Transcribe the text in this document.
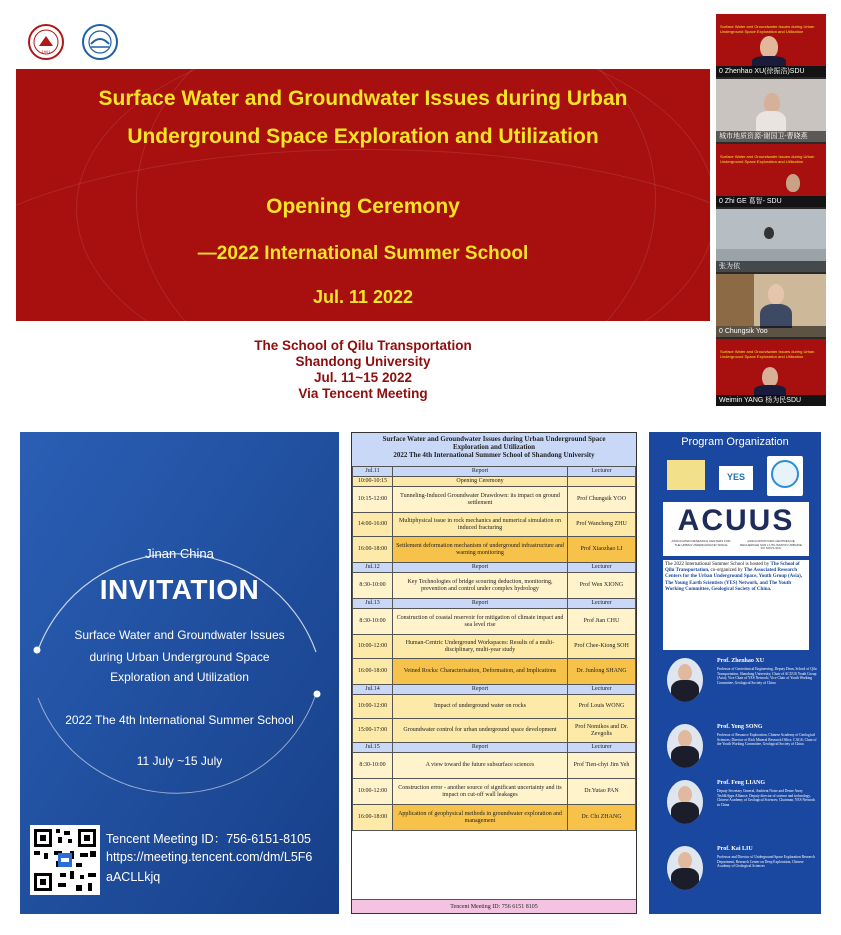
1901
Surface Water and Groundwater Issues during Urban
Underground Space Exploration and Utilization
Opening Ceremony
—2022 International Summer School
Jul. 11 2022
The School of Qilu Transportation
Shandong University
Jul. 11~15 2022
Via Tencent Meeting
Surface Water and Groundwater Issues during Urban Underground Space Exploration and Utilization
0 Zhenhao XU(徐振浩)SDU
城市地质资源-谢国卫-曹晓燕
Surface Water and Groundwater Issues during Urban Underground Space Exploration and Utilization
0 Zhi GE 葛智- SDU
张为依
0 Chungsik Yoo
Surface Water and Groundwater Issues during Urban Underground Space Exploration and Utilization
Weimin YANG 杨为民SDU
Jinan China
INVITATION
Surface Water and Groundwater Issues
during Urban Underground Space
Exploration and Utilization
2022 The 4th International Summer School
11 July ~15 July
Tencent Meeting ID：756-6151-8105
https://meeting.tencent.com/dm/L5F6
aACLLkjq
Surface Water and Groundwater Issues during Urban Underground Space
Exploration and Utilization
2022 The 4th International Summer School of Shandong University
Jul.11	Report	Lecturer
10:00-10:15	Opening Ceremony	
10:15-12:00	Tunneling-Induced Groundwater Drawdown: its impact on ground settlement	Prof Chungsik YOO
14:00-16:00	Multiphysical issue in rock mechanics and numerical simulation on induced fracturing	Prof Wancheng ZHU
16:00-18:00	Settlement deformation mechanism of underground infrastructure and warning monitoring	Prof Xiaozhao LI
Jul.12	Report	Lecturer
8:30-10:00	Key Technologies of bridge scouring deduction, monitoring, prevention and control under complex hydrology	Prof Wen XIONG
Jul.13	Report	Lecturer
8:30-10:00	Construction of coastal reservoir for mitigation of climate impact and sea level rise	Prof Jian CHU
10:00-12:00	Human-Centric Underground Workspaces: Results of a multi-disciplinary, multi-year study	Prof Chee-Kiong SOH
16:00-18:00	Veined Rocks: Characterisation, Deformation, and Implications	Dr. Junlong SHANG
Jul.14	Report	Lecturer
10:00-12:00	Impact of underground water on rocks	Prof Louis WONG
15:00-17:00	Groundwater control for urban underground space development	Prof Nomikos and Dr. Zevgolis
Jul.15	Report	Lecturer
8:30-10:00	A view toward the future subsurface sciences	Prof Tien-chyi Jim Yeh
10:00-12:00	Construction error - another source of significant uncertainty and its impact on cut-off wall leakages	Dr.Yutao PAN
16:00-18:00	Application of geophysical methods in groundwater exploration and management	Dr. Chi ZHANG
Tencent Meeting ID: 756 6151 8105
Program Organization
YES
ACUUS
ASSOCIATED RESEARCH CENTERS FOR THE URBAN UNDERGROUND SPACE
ASSOCIATION DES CENTRES DE RECHERCHE SUR L'UTILISATION URBAINE DU SOUS-SOL
The 2022 International Summer School is hosted by The School of Qilu Transportation, co-organized by The Associated Research Centers for the Urban Underground Space, Youth Group (Asia), The Young Earth Scientists (YES) Network, and The Youth Working Committee, Geological Society of China.
Program Leaders
Prof. Zhenhao XU
Professor of Geotechnical Engineering, Deputy Dean, School of Qilu Transportation, Shandong University; Chair of ACUUS Youth Group (Asia); Vice Chair of YES Network; Vice Chair of Youth Working Committee, Geological Society of China
Prof. Yong SONG
Professor of Resource Exploration, Chinese Academy of Geological Sciences; Director of Rich Mineral Research Office, CAGS; Chair of the Youth Working Committee, Geological Society of China
Prof. Feng LIANG
Deputy Secretary General, Ambient Noise and Dense Array Tech&Apps Alliance; Deputy director of science and technology, Chinese Academy of Geological Sciences; Chairman, YES Network in China
Prof. Kai LIU
Professor and Director of Underground Space Exploration Research Department, Research Center on Deep Exploration, Chinese Academy of Geological Sciences
